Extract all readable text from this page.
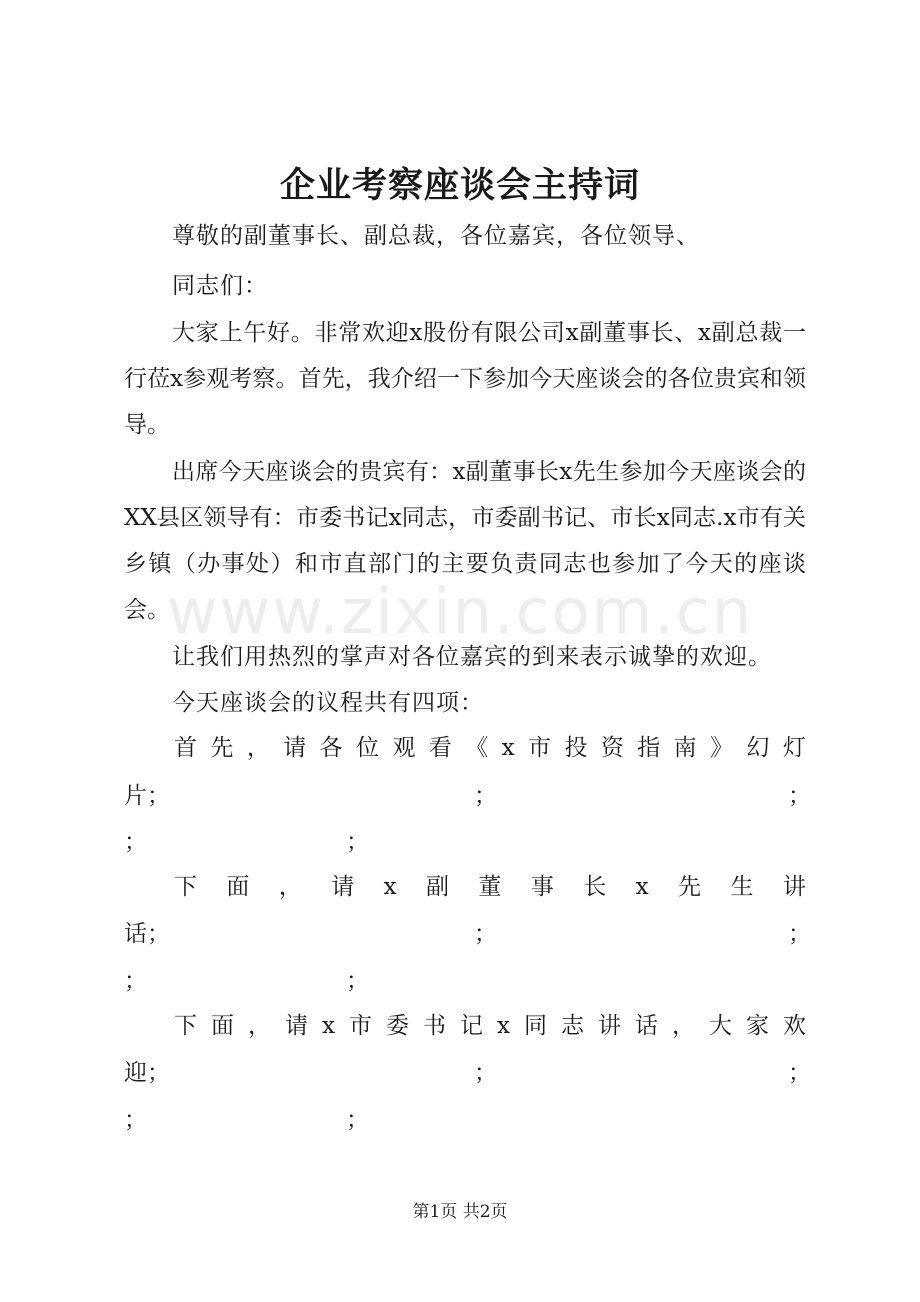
www.zixin.com.cn
企业考察座谈会主持词
尊敬的副董事长、副总裁，各位嘉宾，各位领导、
同志们：
大家上午好。非常欢迎x股份有限公司x副董事长、x副总裁一行莅x参观考察。首先，我介绍一下参加今天座谈会的各位贵宾和领导。
出席今天座谈会的贵宾有：x副董事长x先生参加今天座谈会的XX县区领导有：市委书记x同志，市委副书记、市长x同志.x市有关乡镇（办事处）和市直部门的主要负责同志也参加了今天的座谈会。
让我们用热烈的掌声对各位嘉宾的到来表示诚挚的欢迎。
今天座谈会的议程共有四项：
首 先 ， 请 各 位 观 看 《 x 市 投 资 指 南 》 幻 灯
片；	；	；
；	；
下 面 ， 请 x 副 董 事 长 x 先 生 讲
话；	；	；
；	；
下 面 ， 请 x 市 委 书 记 x 同 志 讲 话 ， 大 家 欢
迎；	；	；
；	；
第1页 共2页
